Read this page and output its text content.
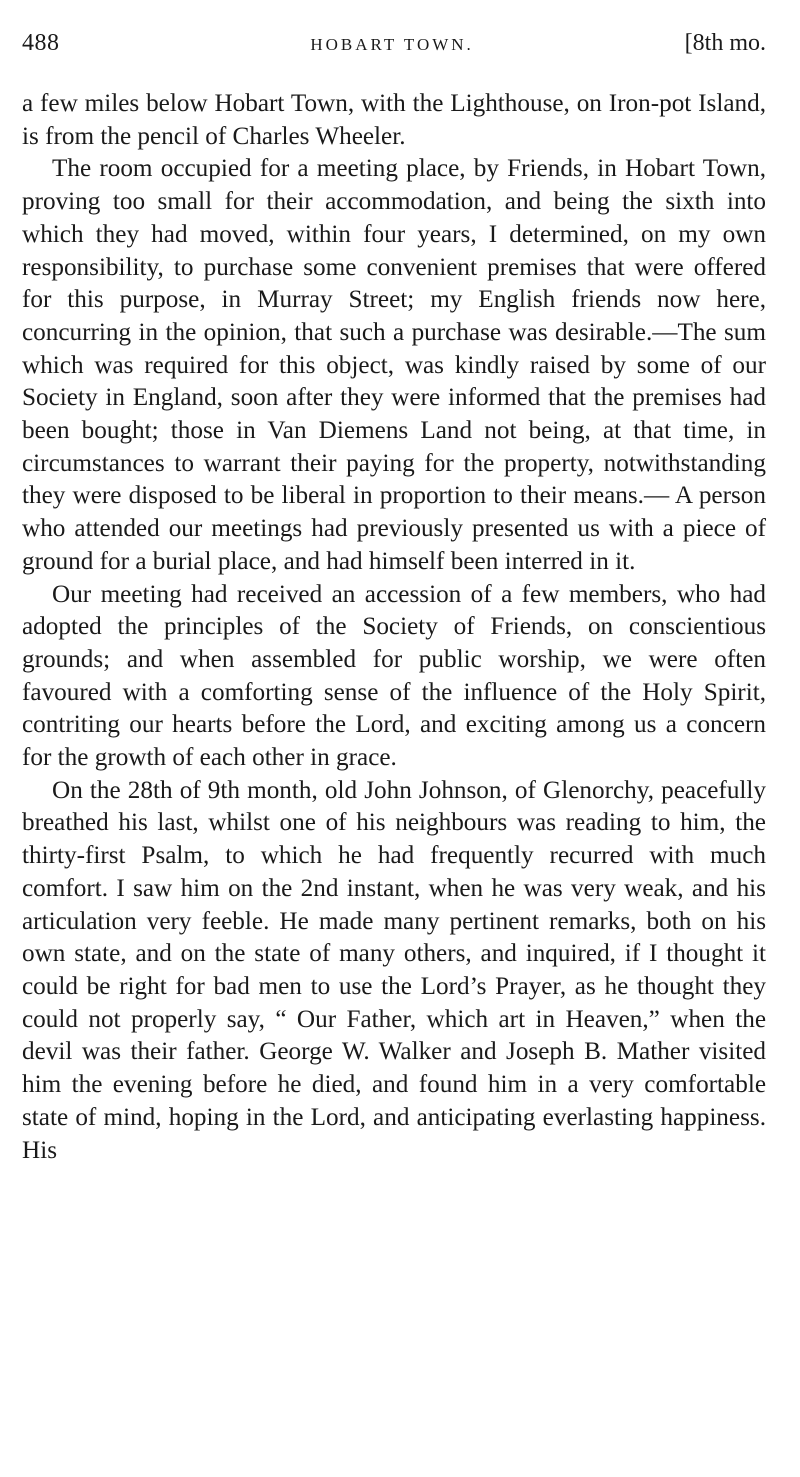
488	HOBART TOWN.	[8th mo.

a few miles below Hobart Town, with the Lighthouse, on Iron-pot Island, is from the pencil of Charles Wheeler.

The room occupied for a meeting place, by Friends, in Hobart Town, proving too small for their accommodation, and being the sixth into which they had moved, within four years, I determined, on my own responsibility, to purchase some convenient premises that were offered for this purpose, in Murray Street; my English friends now here, concurring in the opinion, that such a purchase was desirable.—The sum which was required for this object, was kindly raised by some of our Society in England, soon after they were informed that the premises had been bought; those in Van Diemens Land not being, at that time, in circumstances to warrant their paying for the property, notwithstanding they were disposed to be liberal in proportion to their means.— A person who attended our meetings had previously presented us with a piece of ground for a burial place, and had himself been interred in it.

Our meeting had received an accession of a few members, who had adopted the principles of the Society of Friends, on conscientious grounds; and when assembled for public worship, we were often favoured with a comforting sense of the influence of the Holy Spirit, contriting our hearts before the Lord, and exciting among us a concern for the growth of each other in grace.

On the 28th of 9th month, old John Johnson, of Glenorchy, peacefully breathed his last, whilst one of his neighbours was reading to him, the thirty-first Psalm, to which he had frequently recurred with much comfort. I saw him on the 2nd instant, when he was very weak, and his articulation very feeble. He made many pertinent remarks, both on his own state, and on the state of many others, and inquired, if I thought it could be right for bad men to use the Lord’s Prayer, as he thought they could not properly say, “ Our Father, which art in Heaven,” when the devil was their father. George W. Walker and Joseph B. Mather visited him the evening before he died, and found him in a very comfortable state of mind, hoping in the Lord, and anticipating everlasting happiness. His
